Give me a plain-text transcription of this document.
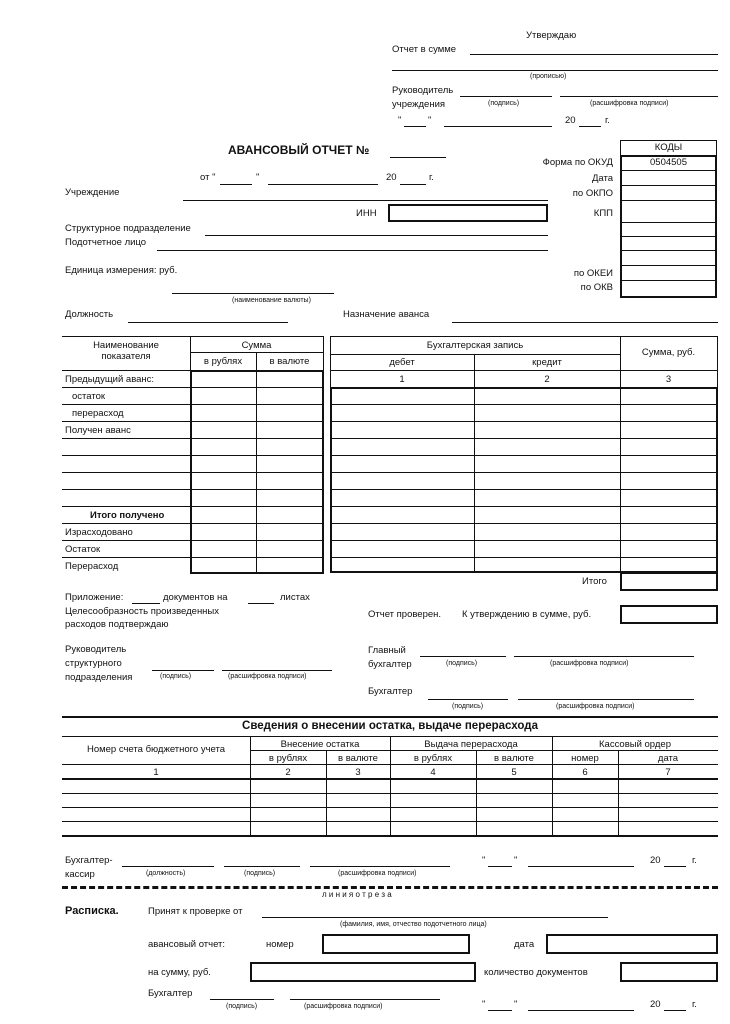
Утверждаю
Отчет в сумме
(прописью)
Руководитель
учреждения	(подпись)	(расшифровка подписи)
"	"	20	г.
АВАНСОВЫЙ ОТЧЕТ №
от "	"	20	г.
КОДЫ
0504505
Форма по ОКУД
Дата
по ОКПО
КПП
по ОКЕИ
по ОКВ
Учреждение
ИНН
Структурное подразделение
Подотчетное лицо
Единица измерения: руб.
(наименование валюты)
Должность	Назначение аванса
Наименование
показателя
Сумма
в рублях	в валюте
Предыдущий аванс:
остаток
перерасход
Получен аванс
Итого получено
Израсходовано
Остаток
Перерасход
Бухгалтерская запись
дебет	кредит
Сумма, руб.
1	2	3
Итого
Приложение:	документов на	листах
Целесообразность произведенных
расходов подтверждаю
Отчет проверен. К утверждению в сумме, руб.
Руководитель
структурного
подразделения	(подпись)	(расшифровка подписи)
Главный
бухгалтер	(подпись)	(расшифровка подписи)
Бухгалтер
(подпись)	(расшифровка подписи)
Сведения о внесении остатка, выдаче перерасхода
Номер счета бюджетного учета	Внесение остатка	Выдача перерасхода	Кассовый ордер
в рублях	в валюте	в рублях	в валюте	номер	дата
1	2	3	4	5	6	7
Бухгалтер-
кассир	(должность)	(подпись)	(расшифровка подписи)
"	"	20	г.
л и н и я о т р е з а
Расписка.	Принят к проверке от
(фамилия, имя, отчество подотчетного лица)
авансовый отчет:	номер	дата
на сумму, руб.	количество документов
Бухгалтер
(подпись)	(расшифровка подписи)	"	"	20	г.
